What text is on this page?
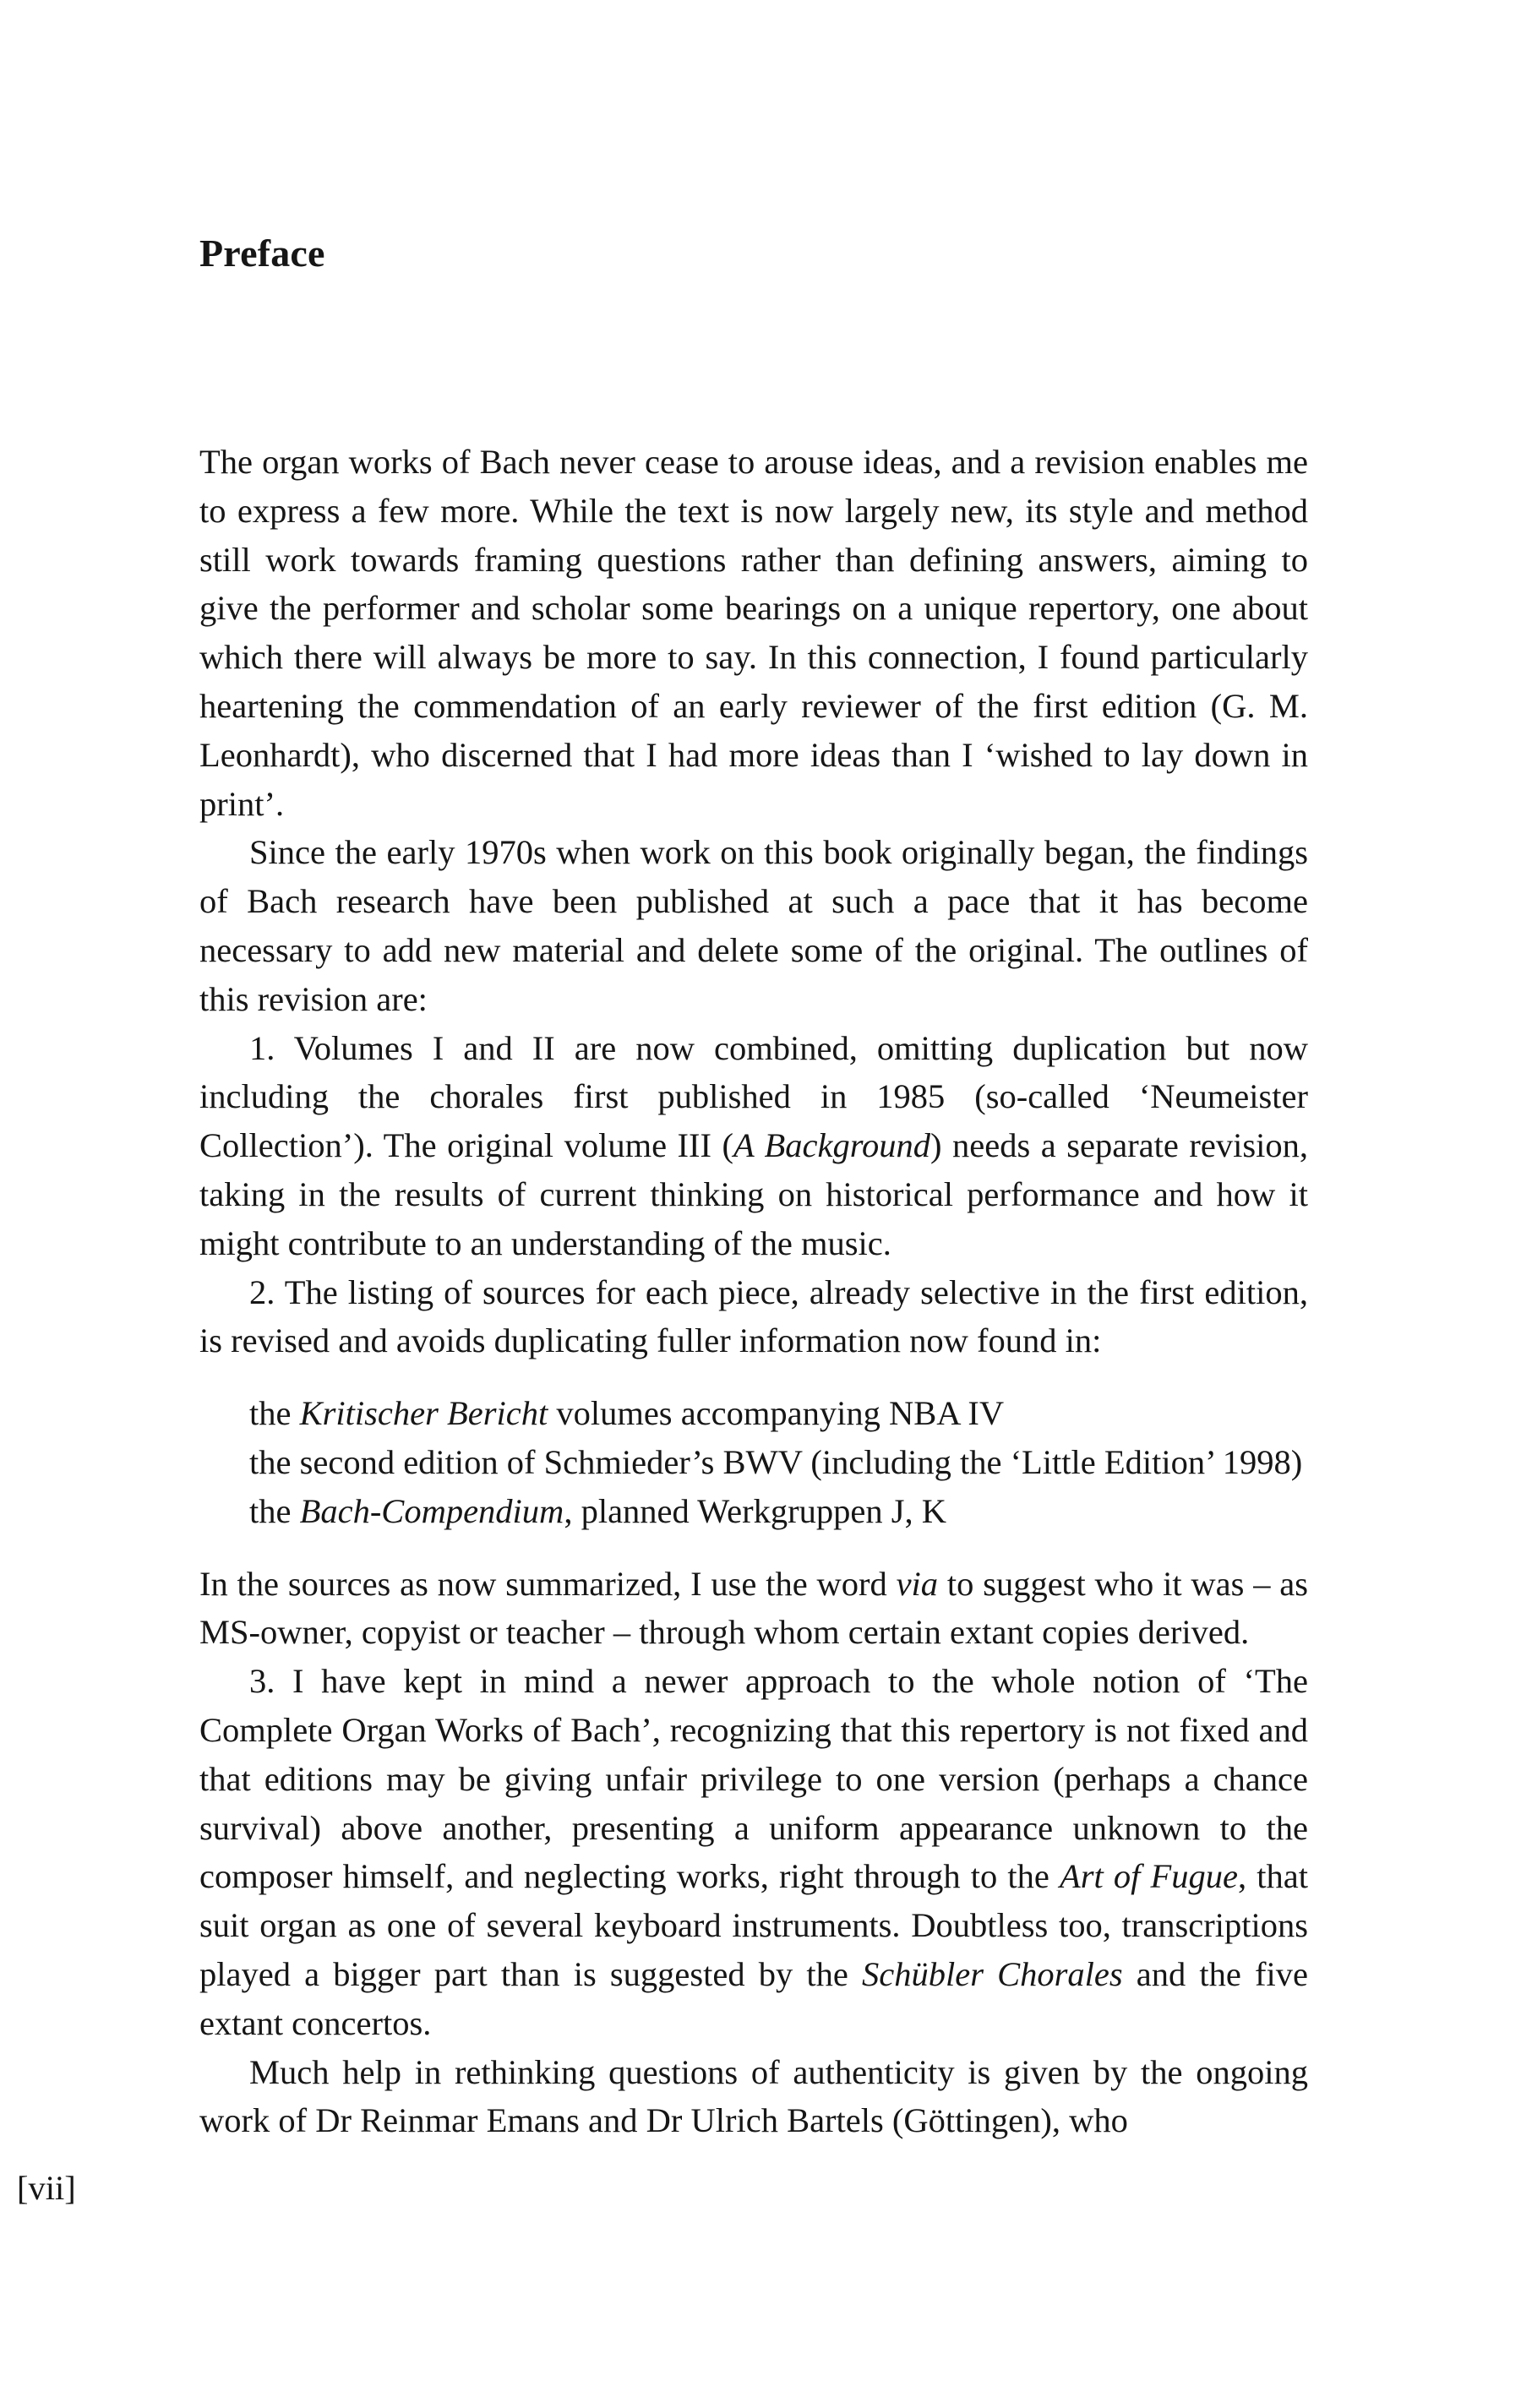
Preface

The organ works of Bach never cease to arouse ideas, and a revision enables me to express a few more. While the text is now largely new, its style and method still work towards framing questions rather than defining answers, aiming to give the performer and scholar some bearings on a unique repertory, one about which there will always be more to say. In this connection, I found particularly heartening the commendation of an early reviewer of the first edition (G. M. Leonhardt), who discerned that I had more ideas than I ‘wished to lay down in print’.

Since the early 1970s when work on this book originally began, the findings of Bach research have been published at such a pace that it has become necessary to add new material and delete some of the original. The outlines of this revision are:

1. Volumes I and II are now combined, omitting duplication but now including the chorales first published in 1985 (so-called ‘Neumeister Collection’). The original volume III (A Background) needs a separate revision, taking in the results of current thinking on historical performance and how it might contribute to an understanding of the music.

2. The listing of sources for each piece, already selective in the first edition, is revised and avoids duplicating fuller information now found in:

the Kritischer Bericht volumes accompanying NBA IV
the second edition of Schmieder’s BWV (including the ‘Little Edition’ 1998)
the Bach-Compendium, planned Werkgruppen J, K

In the sources as now summarized, I use the word via to suggest who it was – as MS-owner, copyist or teacher – through whom certain extant copies derived.

3. I have kept in mind a newer approach to the whole notion of ‘The Complete Organ Works of Bach’, recognizing that this repertory is not fixed and that editions may be giving unfair privilege to one version (perhaps a chance survival) above another, presenting a uniform appearance unknown to the composer himself, and neglecting works, right through to the Art of Fugue, that suit organ as one of several keyboard instruments. Doubtless too, transcriptions played a bigger part than is suggested by the Schübler Chorales and the five extant concertos.

Much help in rethinking questions of authenticity is given by the ongoing work of Dr Reinmar Emans and Dr Ulrich Bartels (Göttingen), who

[vii]
